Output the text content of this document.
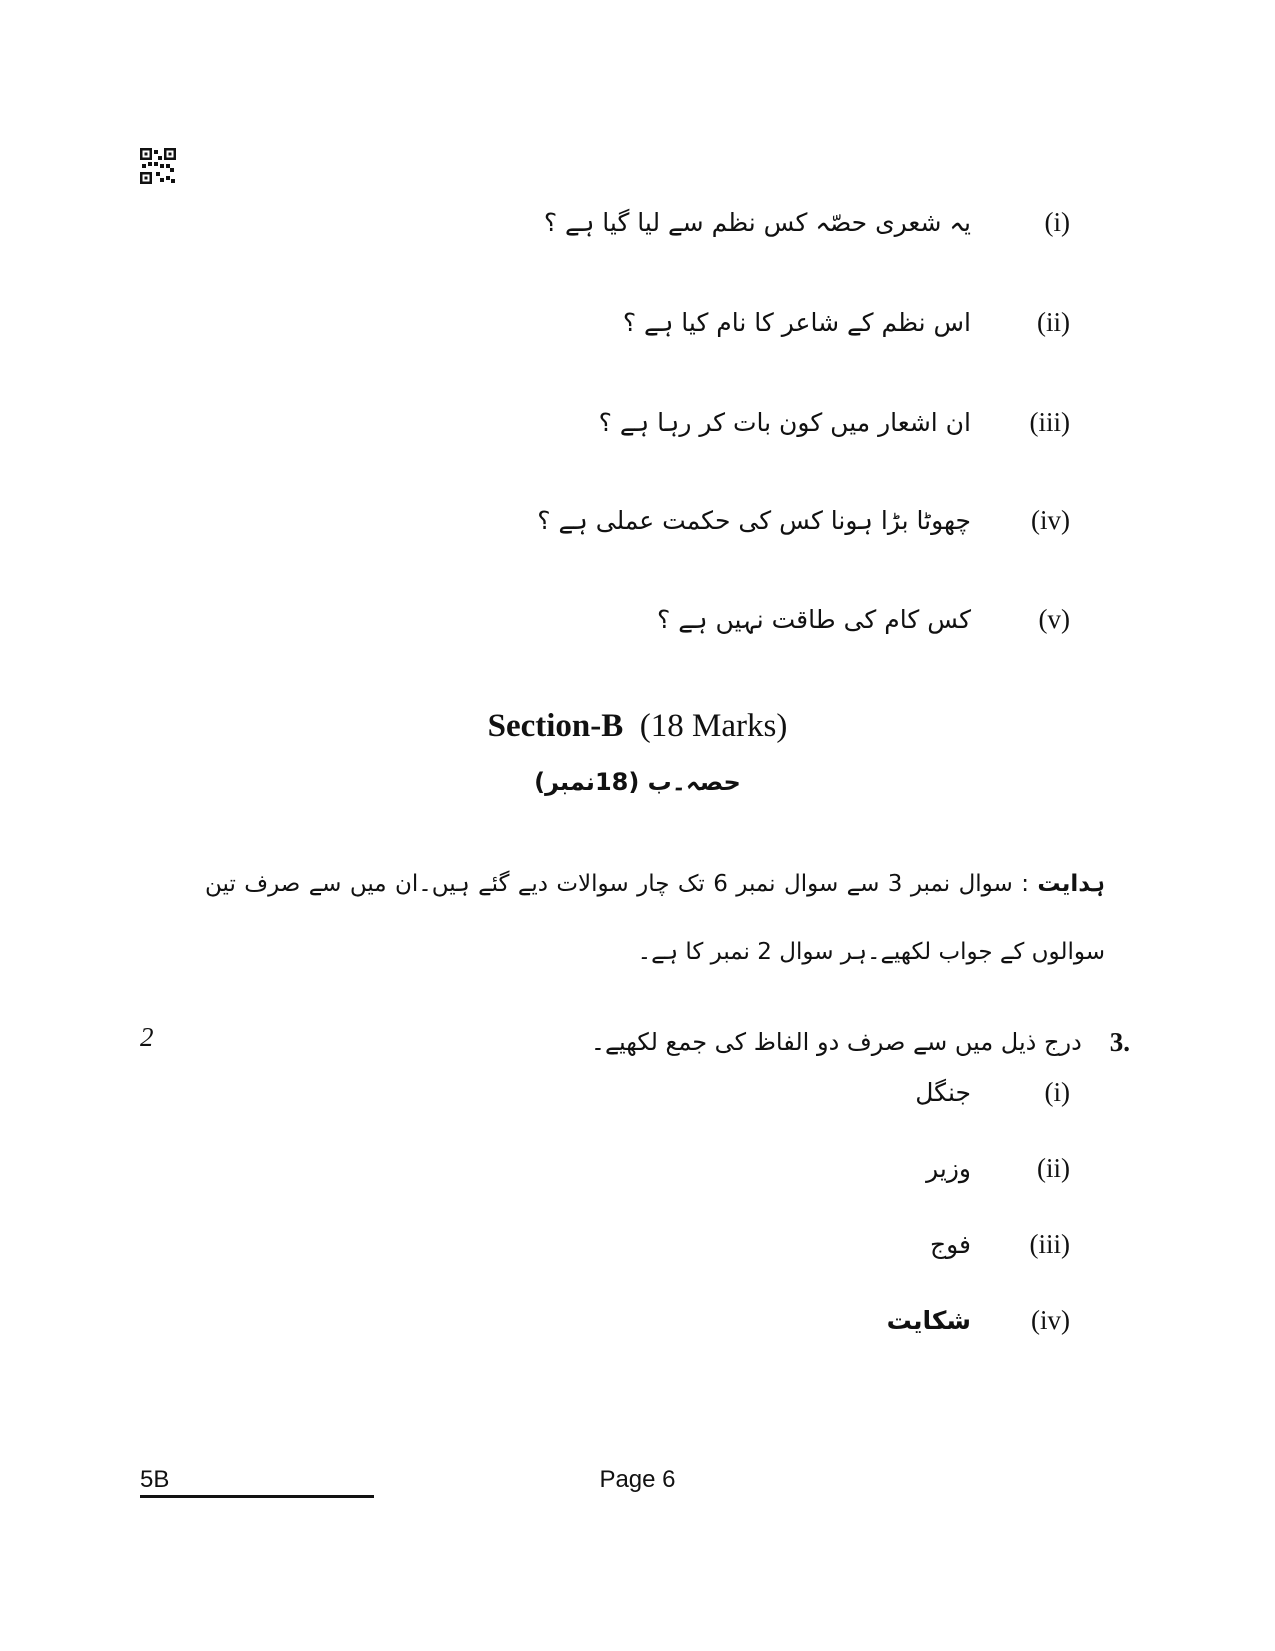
یہ شعری حصّہ کس نظم سے لیا گیا ہے ؟	(i)
اس نظم کے شاعر کا نام کیا ہے ؟	(ii)
ان اشعار میں کون بات کر رہا ہے ؟	(iii)
چھوٹا بڑا ہونا کس کی حکمت عملی ہے ؟	(iv)
کس کام کی طاقت نہیں ہے ؟	(v)
Section-B (18 Marks)
حصہ۔ب (18نمبر)
ہدایت : سوال نمبر 3 سے سوال نمبر 6 تک چار سوالات دیے گئے ہیں۔ان میں سے صرف تین سوالوں کے جواب لکھیے۔ہر سوال 2 نمبر کا ہے۔
2	درج ذیل میں سے صرف دو الفاظ کی جمع لکھیے۔ 3.
جنگل	(i)
وزیر	(ii)
فوج	(iii)
شکایت	(iv)
5B	Page 6
